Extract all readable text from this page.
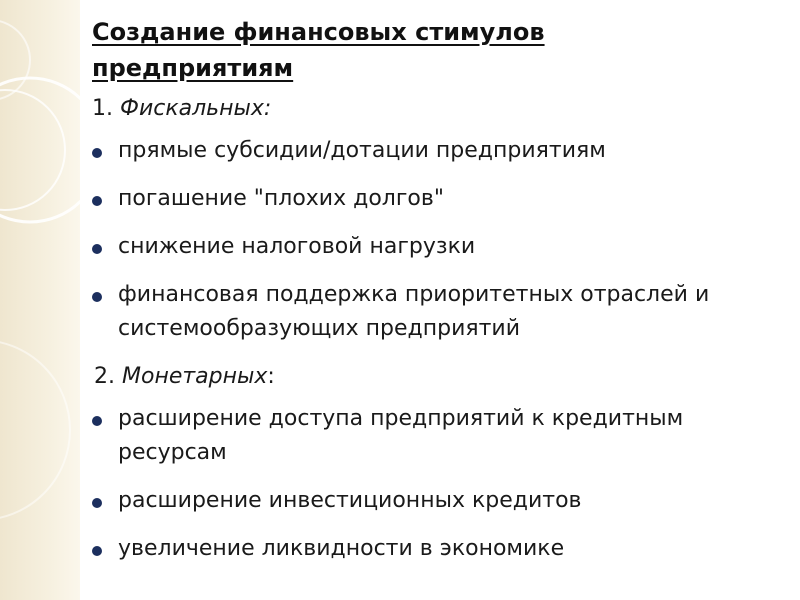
Создание финансовых стимулов
предприятиям
1. Фискальных:
прямые субсидии/дотации предприятиям
погашение "плохих долгов"
снижение налоговой нагрузки
финансовая поддержка приоритетных отраслей и системообразующих предприятий
2. Монетарных:
расширение доступа предприятий к кредитным ресурсам
расширение инвестиционных кредитов
увеличение ликвидности в экономике
